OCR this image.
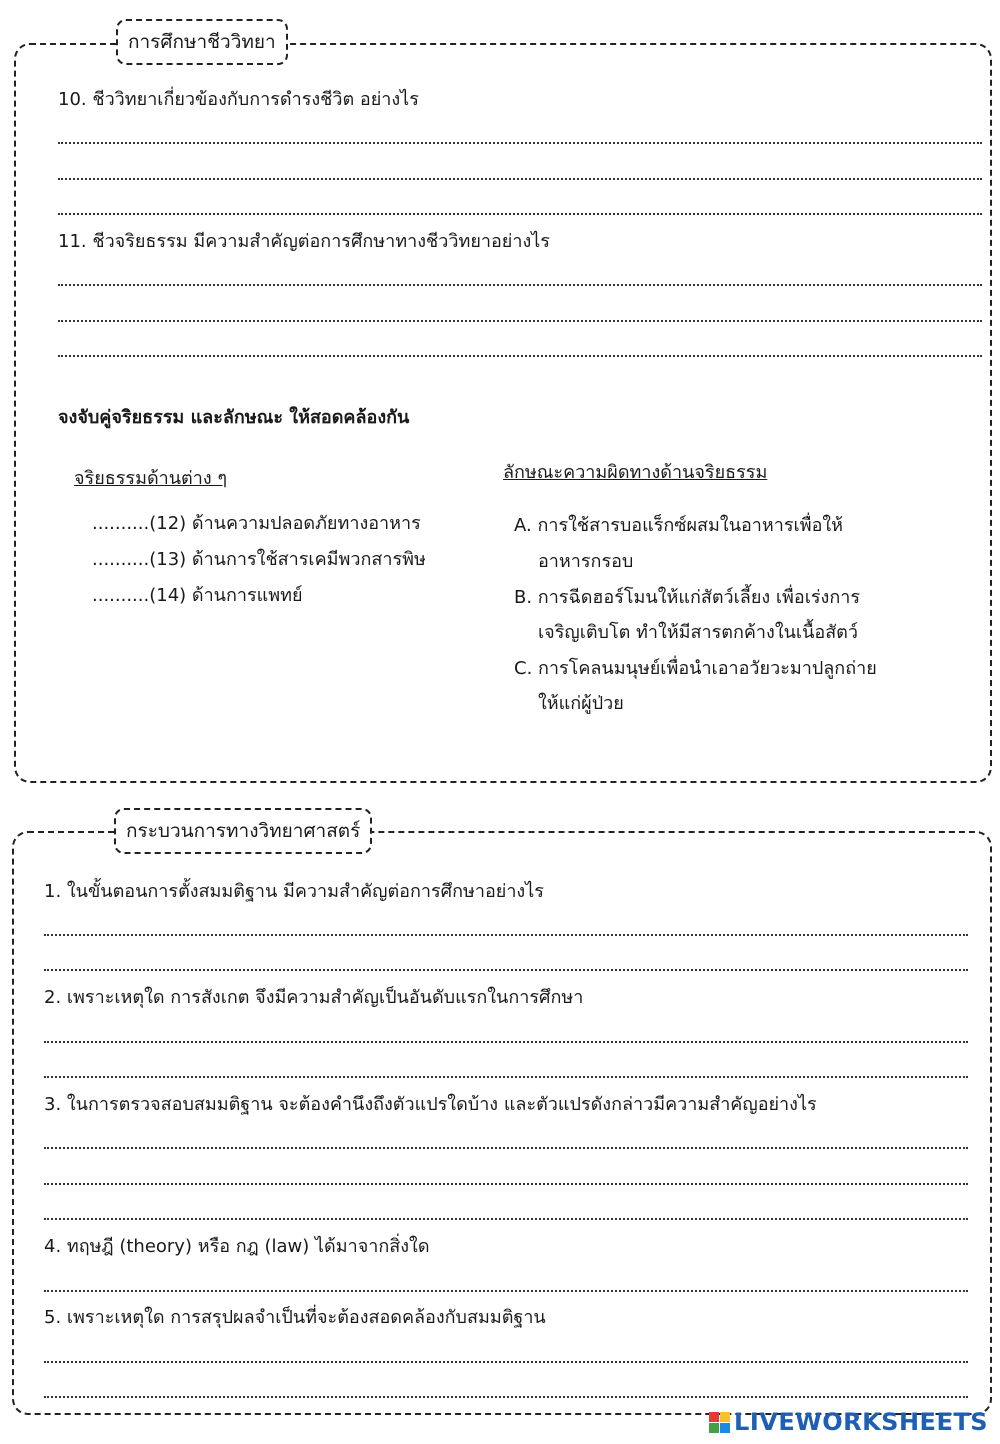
การศึกษาชีววิทยา
10. ชีววิทยาเกี่ยวข้องกับการดำรงชีวิต อย่างไร
11. ชีวจริยธรรม มีความสำคัญต่อการศึกษาทางชีววิทยาอย่างไร
จงจับคู่จริยธรรม และลักษณะ ให้สอดคล้องกัน
จริยธรรมด้านต่าง ๆ	ลักษณะความผิดทางด้านจริยธรรม
..........(12) ด้านความปลอดภัยทางอาหาร
..........(13) ด้านการใช้สารเคมีพวกสารพิษ
..........(14) ด้านการแพทย์
A. การใช้สารบอแร็กซ์ผสมในอาหารเพื่อให้
อาหารกรอบ
B. การฉีดฮอร์โมนให้แก่สัตว์เลี้ยง เพื่อเร่งการ
เจริญเติบโต ทำให้มีสารตกค้างในเนื้อสัตว์
C. การโคลนมนุษย์เพื่อนำเอาอวัยวะมาปลูกถ่าย
ให้แก่ผู้ป่วย
กระบวนการทางวิทยาศาสตร์
1. ในขั้นตอนการตั้งสมมติฐาน มีความสำคัญต่อการศึกษาอย่างไร
2. เพราะเหตุใด การสังเกต จึงมีความสำคัญเป็นอันดับแรกในการศึกษา
3. ในการตรวจสอบสมมติฐาน จะต้องคำนึงถึงตัวแปรใดบ้าง และตัวแปรดังกล่าวมีความสำคัญอย่างไร
4. ทฤษฎี (theory) หรือ กฎ (law) ได้มาจากสิ่งใด
5. เพราะเหตุใด การสรุปผลจำเป็นที่จะต้องสอดคล้องกับสมมติฐาน
LIVEWORKSHEETS
